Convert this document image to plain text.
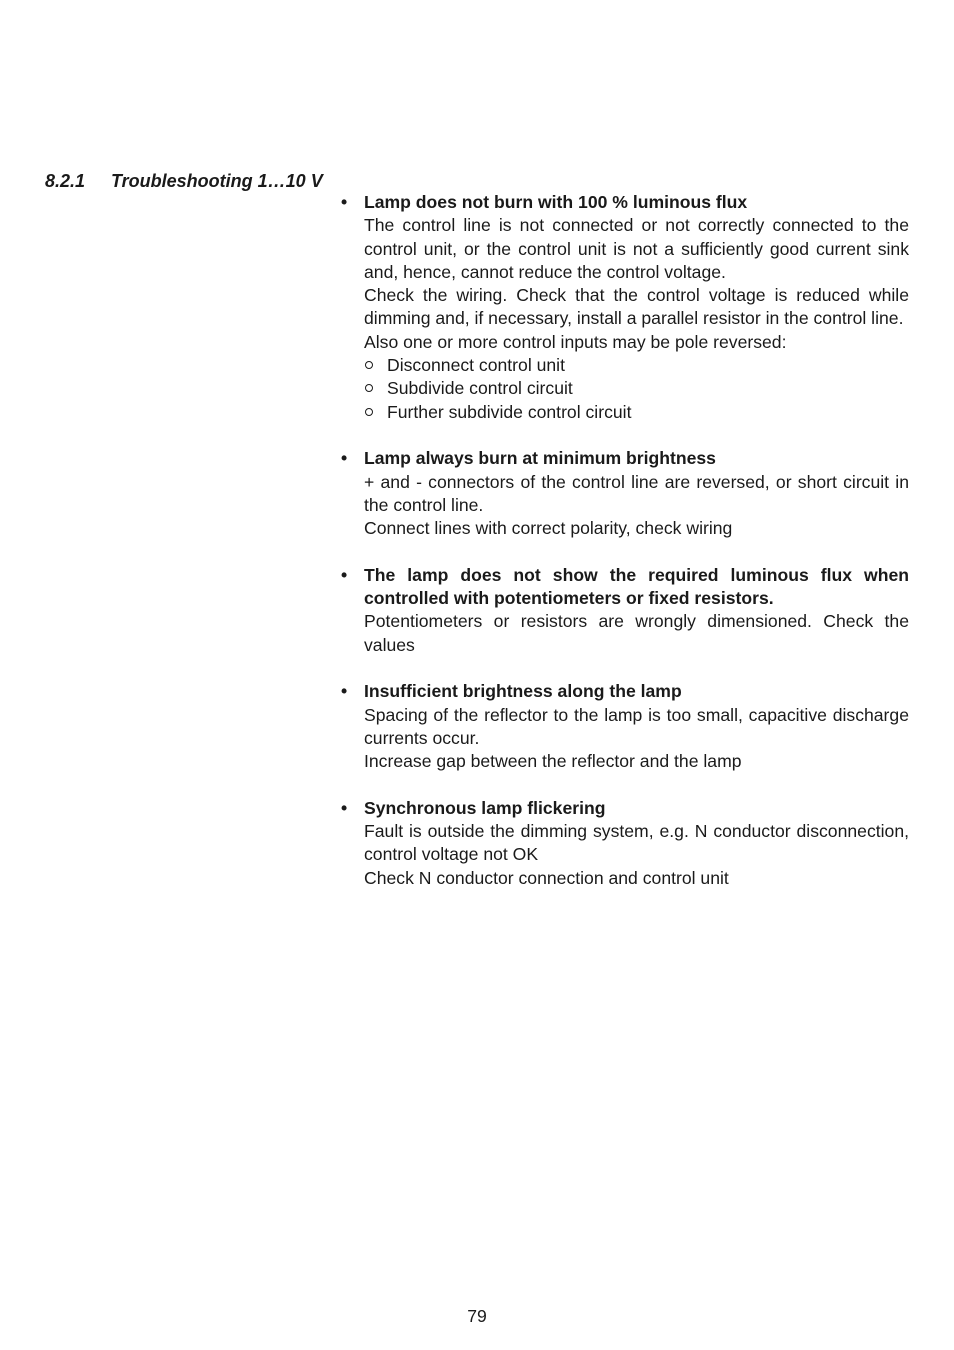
8.2.1 Troubleshooting 1…10 V
• Lamp does not burn with 100 % luminous flux
The control line is not connected or not correctly connected to the control unit, or the control unit is not a sufficiently good current sink and, hence, cannot reduce the control voltage.
Check the wiring. Check that the control voltage is reduced while dimming and, if necessary, install a parallel resistor in the control line.
Also one or more control inputs may be pole reversed:
Disconnect control unit
Subdivide control circuit
Further subdivide control circuit
• Lamp always burn at minimum brightness
+ and - connectors of the control line are reversed, or short circuit in the control line.
Connect lines with correct polarity, check wiring
• The lamp does not show the required luminous flux when controlled with potentiometers or fixed resistors.
Potentiometers or resistors are wrongly dimensioned. Check the values
• Insufficient brightness along the lamp
Spacing of the reflector to the lamp is too small, capacitive discharge currents occur.
Increase gap between the reflector and the lamp
• Synchronous lamp flickering
Fault is outside the dimming system, e.g. N conductor disconnection, control voltage not OK
Check N conductor connection and control unit
79
